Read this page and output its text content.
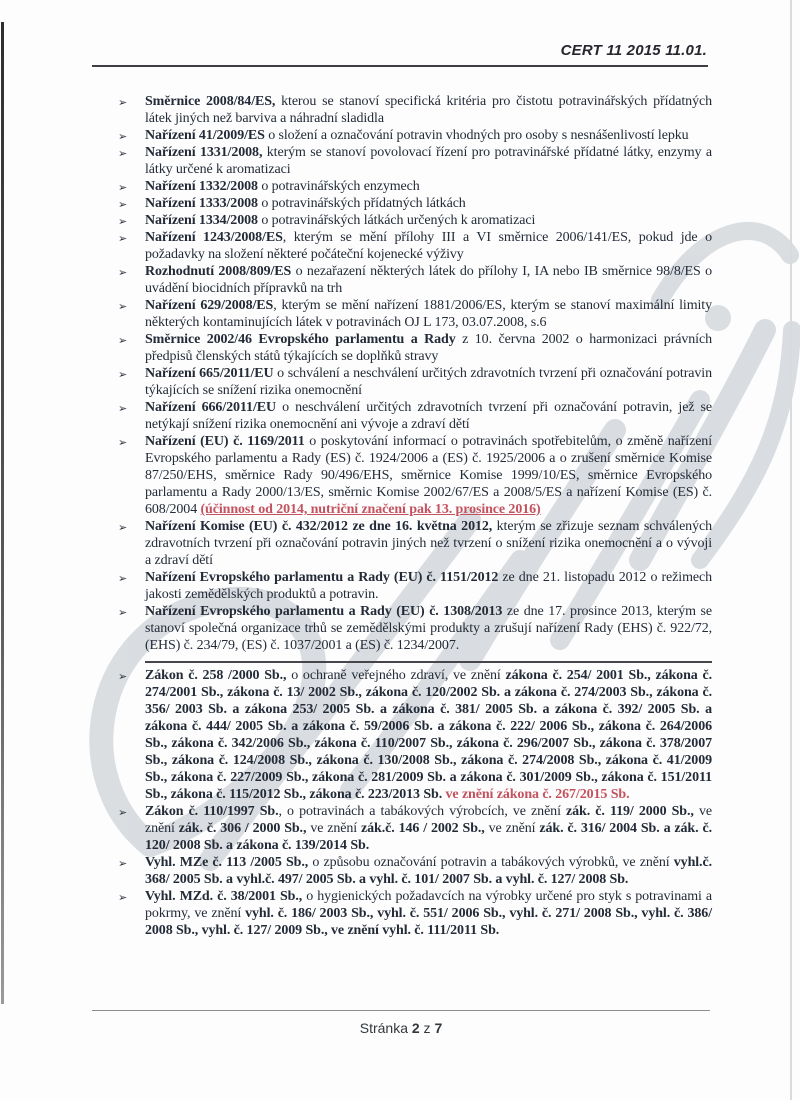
CERT 11 2015 11.01.
➢ Směrnice 2008/84/ES, kterou se stanoví specifická kritéria pro čistotu potravinářských přídatných látek jiných než barviva a náhradní sladidla
➢ Nařízení 41/2009/ES o složení a označování potravin vhodných pro osoby s nesnášenlivostí lepku
➢ Nařízení 1331/2008, kterým se stanoví povolovací řízení pro potravinářské přídatné látky, enzymy a látky určené k aromatizaci
➢ Nařízení 1332/2008 o potravinářských enzymech
➢ Nařízení 1333/2008 o potravinářských přídatných látkách
➢ Nařízení 1334/2008 o potravinářských látkách určených k aromatizaci
➢ Nařízení 1243/2008/ES, kterým se mění přílohy III a VI směrnice 2006/141/ES, pokud jde o požadavky na složení některé počáteční kojenecké výživy
➢ Rozhodnutí 2008/809/ES o nezařazení některých látek do přílohy I, IA nebo IB směrnice 98/8/ES o uvádění biocidních přípravků na trh
➢ Nařízení 629/2008/ES, kterým se mění nařízení 1881/2006/ES, kterým se stanoví maximální limity některých kontaminujících látek v potravinách OJ L 173, 03.07.2008, s.6
➢ Směrnice 2002/46 Evropského parlamentu a Rady z 10. června 2002 o harmonizaci právních předpisů členských států týkajících se doplňků stravy
➢ Nařízení 665/2011/EU o schválení a neschválení určitých zdravotních tvrzení při označování potravin týkajících se snížení rizika onemocnění
➢ Nařízení 666/2011/EU o neschválení určitých zdravotních tvrzení při označování potravin, jež se netýkají snížení rizika onemocnění ani vývoje a zdraví dětí
➢ Nařízení (EU) č. 1169/2011 o poskytování informací o potravinách spotřebitelům, o změně nařízení Evropského parlamentu a Rady (ES) č. 1924/2006 a (ES) č. 1925/2006 a o zrušení směrnice Komise 87/250/EHS, směrnice Rady 90/496/EHS, směrnice Komise 1999/10/ES, směrnice Evropského parlamentu a Rady 2000/13/ES, směrnic Komise 2002/67/ES a 2008/5/ES a nařízení Komise (ES) č. 608/2004 (účinnost od 2014, nutriční značení pak 13. prosince 2016)
➢ Nařízení Komise (EU) č. 432/2012 ze dne 16. května 2012, kterým se zřizuje seznam schválených zdravotních tvrzení při označování potravin jiných než tvrzení o snížení rizika onemocnění a o vývoji a zdraví dětí
➢ Nařízení Evropského parlamentu a Rady (EU) č. 1151/2012 ze dne 21. listopadu 2012 o režimech jakosti zemědělských produktů a potravin.
➢ Nařízení Evropského parlamentu a Rady (EU) č. 1308/2013 ze dne 17. prosince 2013, kterým se stanoví společná organizace trhů se zemědělskými produkty a zrušují nařízení Rady (EHS) č. 922/72, (EHS) č. 234/79, (ES) č. 1037/2001 a (ES) č. 1234/2007.
➢ Zákon č. 258 /2000 Sb., o ochraně veřejného zdraví, ve znění zákona č. 254/ 2001 Sb., zákona č. 274/2001 Sb., zákona č. 13/ 2002 Sb., zákona č. 120/2002 Sb. a zákona č. 274/2003 Sb., zákona č. 356/ 2003 Sb. a zákona 253/ 2005 Sb. a zákona č. 381/ 2005 Sb. a zákona č. 392/ 2005 Sb. a zákona č. 444/ 2005 Sb. a zákona č. 59/2006 Sb. a zákona č. 222/ 2006 Sb., zákona č. 264/2006 Sb., zákona č. 342/2006 Sb., zákona č. 110/2007 Sb., zákona č. 296/2007 Sb., zákona č. 378/2007 Sb., zákona č. 124/2008 Sb., zákona č. 130/2008 Sb., zákona č. 274/2008 Sb., zákona č. 41/2009 Sb., zákona č. 227/2009 Sb., zákona č. 281/2009 Sb. a zákona č. 301/2009 Sb., zákona č. 151/2011 Sb., zákona č. 115/2012 Sb., zákona č. 223/2013 Sb. ve znění zákona č. 267/2015 Sb.
➢ Zákon č. 110/1997 Sb., o potravinách a tabákových výrobcích, ve znění zák. č. 119/ 2000 Sb., ve znění zák. č. 306 / 2000 Sb., ve znění zák.č. 146 / 2002 Sb., ve znění zák. č. 316/ 2004 Sb. a zák. č. 120/ 2008 Sb. a zákona č. 139/2014 Sb.
➢ Vyhl. MZe č. 113 /2005 Sb., o způsobu označování potravin a tabákových výrobků, ve znění vyhl.č. 368/ 2005 Sb. a vyhl.č. 497/ 2005 Sb. a vyhl. č. 101/ 2007 Sb. a vyhl. č. 127/ 2008 Sb.
➢ Vyhl. MZd. č. 38/2001 Sb., o hygienických požadavcích na výrobky určené pro styk s potravinami a pokrmy, ve znění vyhl. č. 186/ 2003 Sb., vyhl. č. 551/ 2006 Sb., vyhl. č. 271/ 2008 Sb., vyhl. č. 386/ 2008 Sb., vyhl. č. 127/ 2009 Sb., ve znění vyhl. č. 111/2011 Sb.
Stránka 2 z 7
